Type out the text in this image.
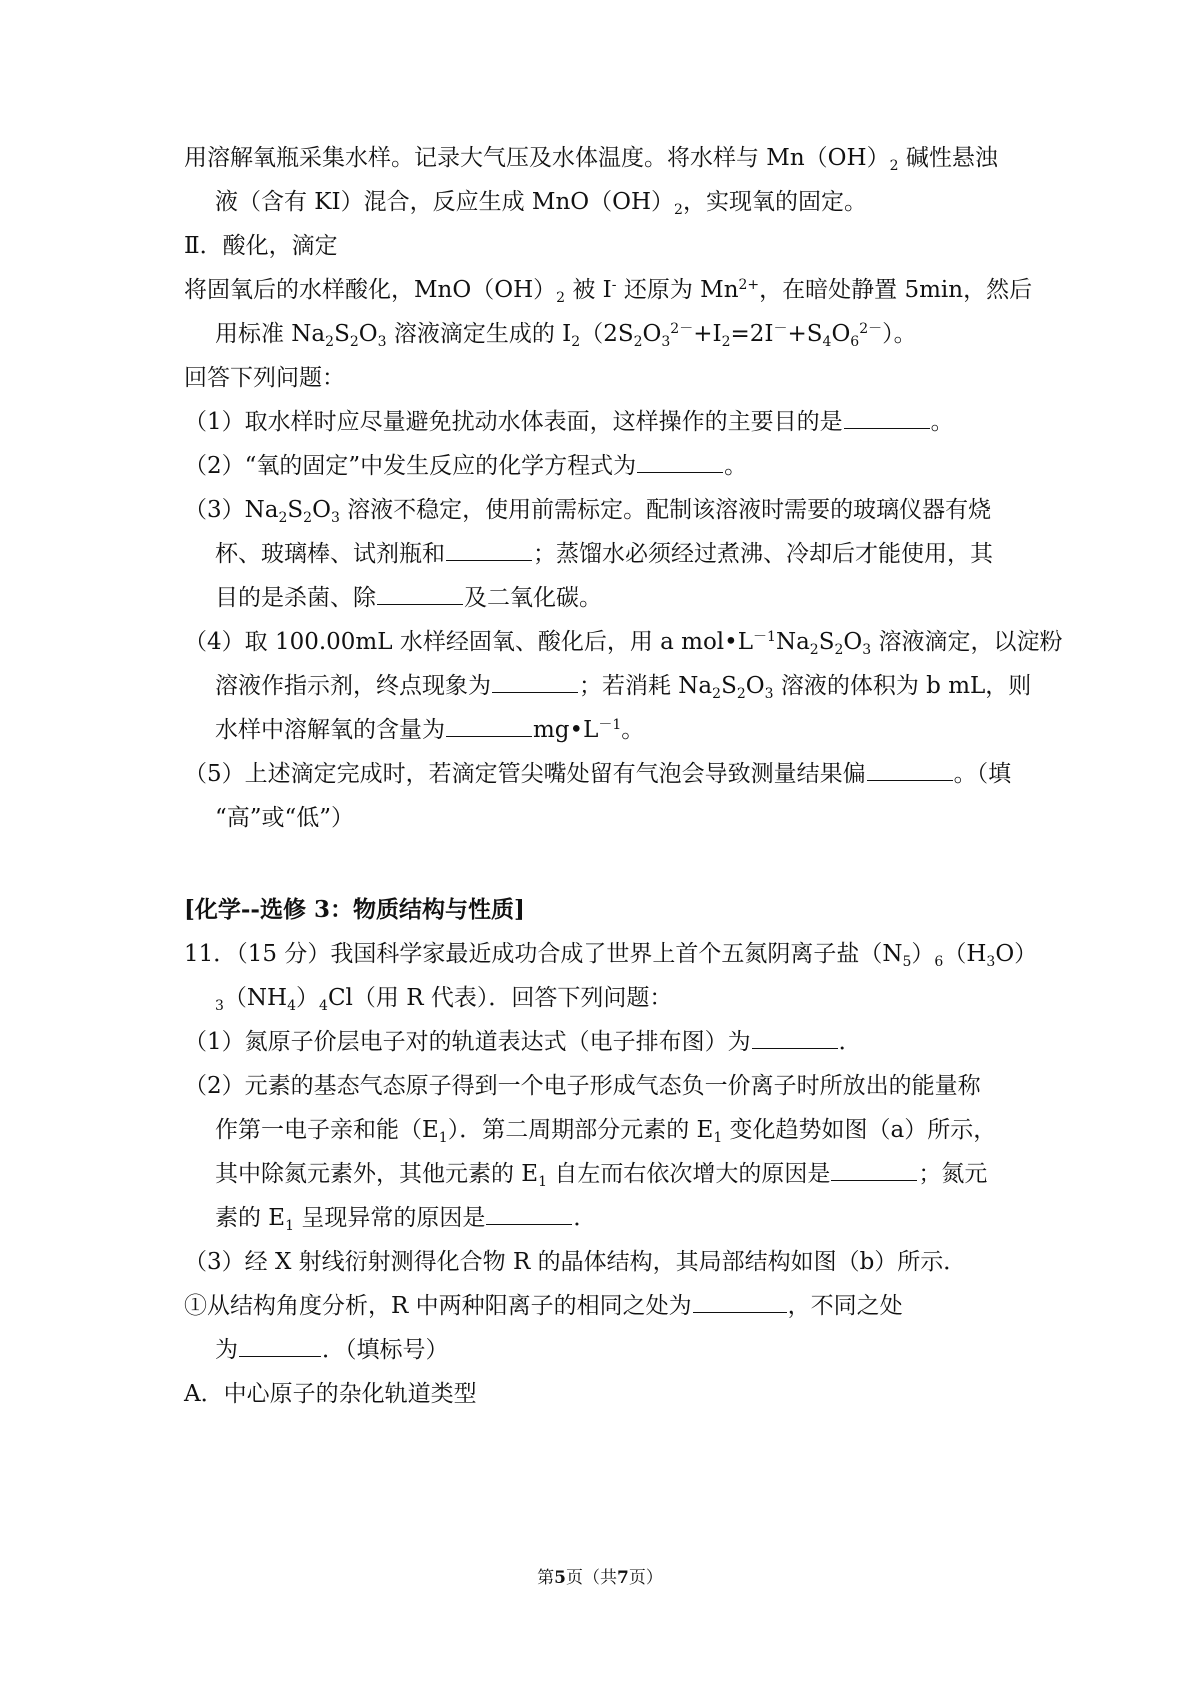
用溶解氧瓶采集水样。记录大气压及水体温度。将水样与 $Mn(OH)_2$ 碱性悬浊
液（含有 KI）混合，反应生成 $MnO(OH)_2$，实现氧的固定。
Ⅱ．酸化，滴定
将固氧后的水样酸化，$MnO(OH)_2$ 被 I- 还原为 $Mn^{2+}$，在暗处静置 5min，然后
用标准 $Na_2S_2O_3$ 溶液滴定生成的 $I_2(2S_2O_3^{2-}+I_2=2I^-+S_4O_6^{2-})$。
回答下列问题：
（1）取水样时应尽量避免扰动水体表面，这样操作的主要目的是	。
（2）“氧的固定”中发生反应的化学方程式为	。
$(3)Na_2S_2O_3$ 溶液不稳定，使用前需标定。配制该溶液时需要的玻璃仪器有烧
杯、玻璃棒、试剂瓶和	；蒸馏水必须经过煮沸、冷却后才能使用，其
目的是杀菌、除	及二氧化碳。
（4）取 100.00mL 水样经固氧、酸化后，用 a $mol•L^{-1}Na_2S_2O_3$ 溶液滴定，以淀粉
溶液作指示剂，终点现象为	；若消耗 $Na_2S_2O_3$ 溶液的体积为 b mL，则
水样中溶解氧的含量为	$mg•L^{-1}$。
（5）上述滴定完成时，若滴定管尖嘴处留有气泡会导致测量结果偏	。（填
“高”或“低”）
[化学--选修 3：物质结构与性质]
11．（15 分）我国科学家最近成功合成了世界上首个五氮阴离子盐$(N_5)_6(H_3O)$
$_3(NH_4)_4Cl$（用 R 代表）．回答下列问题：
（1）氮原子价层电子对的轨道表达式（电子排布图）为	．
（2）元素的基态气态原子得到一个电子形成气态负一价离子时所放出的能量称
作第一电子亲和能$(E_1)$．第二周期部分元素的 $E_1$ 变化趋势如图（a）所示，
其中除氮元素外，其他元素的 $E_1$ 自左而右依次增大的原因是	；氮元
素的 $E_1$ 呈现异常的原因是	．
（3）经 X 射线衍射测得化合物 R 的晶体结构，其局部结构如图（b）所示．
①从结构角度分析，R 中两种阳离子的相同之处为	，不同之处
为	．（填标号）
A．中心原子的杂化轨道类型
第5页（共7页）
